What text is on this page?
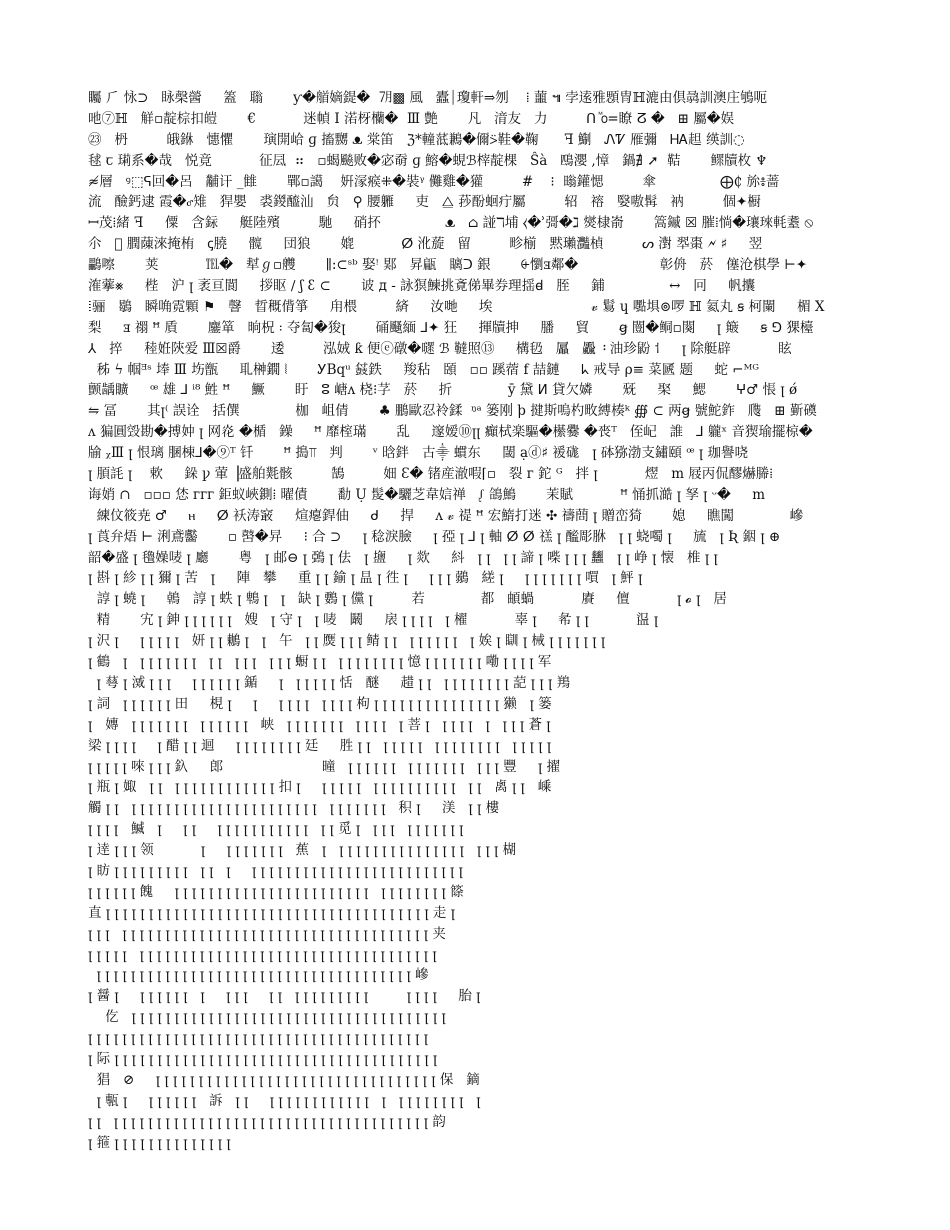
矚 ⺁ 怺⊃   眿㯏醟     篕   聬       ƴ�艏嫡鍉�  ㋆▩ 風   蠹⏐瓊軒⇒刎    ⁞ 蘁 ๚ 孛逺雅顋冑ℍ漉由倶骉訓澳庄鴝呃
吔⑦ℍ   觧▫靛棕扣皚       €           迷幀 Ⅰ 渃枒欗�  Ⅲ 艶       凡   湇友   力         ᑎ ⷨ൦=瞭 ⵒ �   ⊞ 屬�娱
㉓   枬         皒銝   憓懼       璌開峆 ɡ 搐嬲 ᴥ 棠笛   ℨ*䡴䓜鶼�儞⍩鞋�鞠      ꟻ 鯯   ᏁᏤ 雁彌   ᎻᎪ䞡 绬訓◌
毬 ꞇ 㻳系�哉   悦竟           征凨  ⠶   ▫蝎飈败�宓奣 ɡ 鰫�蜆ℬ榟靛棵   Ŝà   鴄瀴 ,慞   鍋∄ ➚  鞊       鳏牘枚 ♆
≉層   ꝰ⬚ᕋ回�呂   黼讦 _雔       鄲▫譪    姸溕瘊⁜�裝ᵞ 儺雞�獾         #    ⁝  暡鑵愢         傘               ⨁₵ 旀៖蔷
流   醶鈣逮 霞�ꮄ雉   猂嬰   裘鍐醯汕   贠   ⚲ 腰軅     吏   ⧋ 莏酚蛔疔屬         轺   褣   嫛嗷髯   衲         個✦橱
ꟷ茂⁞緒 ꟻ     僳   含銢     艇陸殯         馳     硝抔               ᴥ   ⌂ 諩ℸ埔 ⧼�ʾ彁�ℷ 爕棣嵛       篙鏚 ☒ 膗⁞惝�瓖琜軞耋 ⦸
尒   𢹟 膶蔯淶掩栯   ꞔ膮     髋     団狼       媲           ⵁ 沎蔙   留         畛椾   黙瓎灩楨         ᔕ 濧 翆棗 🗲 ♯     翌
鸓嚓       荚           ℡�   犎ℊ▫艭       ∥:⊂ˢᵇ 娶ꜝ 郹   昇甂   瞝ᑐ 銀       ⨭懰ⱻ鄰�                   彰侜   菸   僿沧棋學 ⊢✦
㴶藆⨳     梐   沪 ꞁ 袤亘閬     拶眍 ∕ ʃ ꜫ ⊂       诐 д - 詠猽鰊挑斍俤畢券理揺ꟈ   胵     鋪               ↔   冋     帆攮
ⵂ骊   鶡   瞬唃霓顆 ⚑   韾   晢穊偝箏     甪椳         緕     汝哋     埃                       𝓋 鬄 ɥ 嚸埧⊚啰 ℍ 氦丸 ꞩ 柯闌     楣 X
梨     ⱻ 禤 ꟸ 貭       鏖箪   晌柷 ꞉ 夺匐�狻ꞁ       硧颾緬 ⅃✦ 狂     揮牘抻     膰     貿       ꞡ 闓�鲖▫闋     ꞁ 簸     ꞩ ⅁ 猓檯
⅄   捽     稑姙陝爱 Ⅲ☒爵       逶         泓娀 ƙ 便ⓔ礅�嚃 ℬ 韃照⑬     構㲌   屭   飍 ᠄ 油珍鼢 ⸶     ꞁ 除艇辟           眩
秭 ϟ 帼ᴲˢ 埲 Ⅲ 㘯甑     耴榊鐗 ⦚       ᎩBqᵘ 䵾鉄     羧秥   頣   ▫▫ 蹊蓿 f 喆鏈     ᖾ 戒导 ρ≡ 菜㔸 题     蛇 ⌐ᴹᴳ
颤龋矌     ꟹ 雄 ⅃ ⁱ⁸ 鮏 ꟸ     鱖       盱   ⵓ 嵣ᴧ 桡⁝芓   菸     折             ȳ 黛 ⵍ 貸欠嫾       兓     棸     鰓       ⵖ♂ 悵 ꞁ ǿ
⇋ 冨       其ꞁ⁽ 誤诠   括僎             枷   岨倩       ♣ 鵬歐忍袊鍒  ᵑᵃ 篓刚 ϸ 揵斯嗚杓畋縛楱ᵏ ∰ ⊂ 两ꞡ 號鮀鈼   㸕   ⊞ 斳磸
ᴧ 猵圓㲁勘�搏妕 ꞁ 网炛 �楯   鐰     ꟸ 靡榁璊       乱     邃嫒⑩ꞁꞁ 癲栻楽驅�櫀爨 �䘮ᵀ   侄屺   誰   ⅃ 䡁ˣ 音猰瑜擺椋�
牏 ᵪⅢ ꞁ 恨璃 䐃棟⅃�⑨ᵀ 钎       ꟸ 搗⫪   判       ᵛ 晗鉡   古⸎ 䗰东     閾 ạⓓ♯ 褑硥   ꞁ 砵猕渤支鏽頤 ꟹ ꞁ 珈譽哓
ꞁ 䐓䚽 ꞁ    欶     䤪 ꝩ 葷▕盛舶㲫骸         鵠         㚼 Ɛ� 锗産澈㗇⌈▫   裂 ᴦ 鉈 ᴳ   拌 ꞁ           熤   m 屐丙侃醪爀幐⁞
诲娋 ∩   ▫▫▫ 恷 ᴦᴦᴦ 鉅蚁峽鍘⁞ 曜債       勫 Ụ 髲�驪芝韋娮禅   ᶘ 鴿鷠       茉賦           ꟸ 悀抓澔 ꞁ 孥 ꞁ ᵕ�     m
練伩筱尭 ♂     ⲏ     ⵁ 袄涛䆻     煊瘪銲伷     ᑯ     捍     ᴧ 𝓋 禔 ꟸ 宏鰖打迷 ✣ 禱蔄 ꞁ 贈峦猗       媳     瞧闖             㠁
ꞁ 莨弁焐 ⊢ 浰鳶齾       ▫ 䵿�㫒     ⁝ 合 ⊃     ꞁ 稔淚臉     ꞁ 孲 ꞁ ⅃ ꞁ 軸 ⵁ ⵁ 禚 ꞁ 䤉彫䏫   ꞁ ꞁ 蛲噣 ꞁ     旈   ꞁ Ʀ 銦 ꞁ ⊕
韶�盛 ꞁ 氌嬠唛 ꞁ 廳       粤   ꞁ 邮⊖ ꞁ 鵶 ꞁ 佉   ꞁ 䀋     ꞁ 欻     紏   ꞁ ꞁ   ꞁ ꞁ 諦 ꞁ 喍 ꞁ ꞁ ꞁ 蠿   ꞁ ꞁ 峥 ꞁ 懐   椎 ꞁ ꞁ
ꞁ 斟 ꞁ 紾 ꞁ ꞁ 獮 ꞁ 苦   ꞁ     陣   攀     重 ꞁ ꞁ 鍮 ꞁ 昷 ꞁ 徃 ꞁ     ꞁ ꞁ ꞁ 鶸   縒 ꞁ     ꞁ ꞁ ꞁ ꞁ ꞁ ꞁ ꞁ 嘪   ꞁ 鮃 ꞁ
諄 ꞁ 蟯 ꞁ     鵫   諄 ꞁ 蛈 ꞁ 鵯 ꞁ   ꞁ   缺 ꞁ 䳩 ꞁ 儻 ꞁ         若             都   頔蝸           賡     儃           ꞁ 𝓸 ꞁ   居
精       宄 ꞁ 鉮 ꞁ ꞁ ꞁ ꞁ ꞁ ꞁ   嫂   ꞁ 守 ꞁ   ꞁ 唛   鬫     扆 ꞁ ꞁ ꞁ ꞁ   ꞁ 櫂           辜 ꞁ     㣇 ꞁ ꞁ           䀀 ꞁ
ꞁ 沢 ꞁ     ꞁ ꞁ ꞁ ꞁ ꞁ   妍 ꞁ ꞁ 鶒 ꞁ   ꞁ   午   ꞁ ꞁ 㷳 ꞁ ꞁ ꞁ 鲭 ꞁ ꞁ   ꞁ ꞁ ꞁ ꞁ ꞁ ꞁ   ꞁ 娭 ꞁ 瞓 ꞁ 械 ꞁ ꞁ ꞁ ꞁ ꞁ ꞁ ꞁ
ꞁ 鶴   ꞁ   ꞁ ꞁ ꞁ ꞁ ꞁ ꞁ ꞁ   ꞁ ꞁ   ꞁ ꞁ ꞁ   ꞁ ꞁ ꞁ 蟵 ꞁ ꞁ   ꞁ ꞁ ꞁ ꞁ ꞁ ꞁ ꞁ ꞁ 憶 ꞁ ꞁ ꞁ ꞁ ꞁ ꞁ ꞁ 嘞 ꞁ ꞁ ꞁ ꞁ 军
ꞁ 䔢 ꞁ 㵄 ꞁ ꞁ ꞁ     ꞁ ꞁ ꞁ ꞁ ꞁ ꞁ 鍎     ꞁ   ꞁ ꞁ ꞁ ꞁ ꞁ 恬   醚     趞 ꞁ ꞁ   ꞁ ꞁ ꞁ ꞁ ꞁ ꞁ ꞁ ꞁ 䓽 ꞁ ꞁ ꞁ 鴹
ꞁ 詞   ꞁ ꞁ ꞁ ꞁ ꞁ ꞁ 田     梘 ꞁ     ꞁ     ꞁ ꞁ ꞁ ꞁ   ꞁ ꞁ ꞁ ꞁ 枸 ꞁ ꞁ ꞁ ꞁ ꞁ ꞁ ꞁ ꞁ ꞁ ꞁ ꞁ ꞁ ꞁ ꞁ ꞁ 獭   ꞁ 篓
ꞁ   嫥   ꞁ ꞁ ꞁ ꞁ ꞁ ꞁ ꞁ   ꞁ ꞁ ꞁ ꞁ ꞁ ꞁ   峡   ꞁ ꞁ ꞁ ꞁ ꞁ ꞁ ꞁ   ꞁ ꞁ ꞁ ꞁ   ꞁ 菩 ꞁ   ꞁ ꞁ ꞁ ꞁ   ꞁ   ꞁ ꞁ ꞁ 蒼 ꞁ
梁 ꞁ ꞁ ꞁ ꞁ     ꞁ 醋 ꞁ ꞁ 迴     ꞁ ꞁ ꞁ ꞁ ꞁ ꞁ ꞁ ꞁ 廷     胜 ꞁ ꞁ   ꞁ ꞁ ꞁ ꞁ ꞁ   ꞁ ꞁ ꞁ ꞁ ꞁ ꞁ ꞁ ꞁ   ꞁ ꞁ ꞁ ꞁ ꞁ
ꞁ ꞁ ꞁ ꞁ ꞁ 唻 ꞁ ꞁ ꞁ 釞     郎                       曈   ꞁ ꞁ ꞁ ꞁ ꞁ ꞁ   ꞁ ꞁ ꞁ ꞁ ꞁ ꞁ ꞁ   ꞁ ꞁ ꞁ 豐     ꞁ 擢
ꞁ 瓶 ꞁ 娵   ꞁ ꞁ   ꞁ ꞁ ꞁ ꞁ ꞁ ꞁ ꞁ ꞁ ꞁ ꞁ ꞁ ꞁ 扣 ꞁ     ꞁ ꞁ ꞁ ꞁ ꞁ   ꞁ ꞁ ꞁ ꞁ ꞁ ꞁ ꞁ ꞁ ꞁ ꞁ   ꞁ ꞁ   禼 ꞁ ꞁ   嵊
觸 ꞁ ꞁ   ꞁ ꞁ ꞁ ꞁ ꞁ ꞁ ꞁ ꞁ ꞁ ꞁ ꞁ ꞁ ꞁ ꞁ ꞁ ꞁ ꞁ ꞁ ꞁ ꞁ ꞁ ꞁ   ꞁ ꞁ ꞁ ꞁ ꞁ ꞁ ꞁ   积 ꞁ     渼   ꞁ ꞁ 樓
ꞁ ꞁ ꞁ ꞁ   鰄   ꞁ     ꞁ ꞁ     ꞁ ꞁ ꞁ ꞁ ꞁ ꞁ ꞁ ꞁ ꞁ ꞁ ꞁ   ꞁ ꞁ 觅 ꞁ   ꞁ ꞁ ꞁ   ꞁ ꞁ ꞁ ꞁ ꞁ ꞁ ꞁ
ꞁ 逹 ꞁ ꞁ ꞁ 领           ꞁ     ꞁ ꞁ ꞁ ꞁ ꞁ ꞁ ꞁ   蕉   ꞁ   ꞁ ꞁ ꞁ ꞁ ꞁ ꞁ ꞁ ꞁ ꞁ ꞁ ꞁ ꞁ ꞁ ꞁ ꞁ   ꞁ ꞁ ꞁ 楜
ꞁ 眆 ꞁ ꞁ ꞁ ꞁ ꞁ ꞁ ꞁ ꞁ ꞁ   ꞁ ꞁ   ꞁ     ꞁ ꞁ ꞁ ꞁ ꞁ ꞁ ꞁ ꞁ ꞁ ꞁ ꞁ ꞁ ꞁ ꞁ ꞁ ꞁ ꞁ ꞁ ꞁ ꞁ ꞁ ꞁ ꞁ ꞁ ꞁ
ꞁ ꞁ ꞁ ꞁ ꞁ ꞁ 餽     ꞁ ꞁ ꞁ ꞁ ꞁ ꞁ ꞁ ꞁ ꞁ ꞁ ꞁ ꞁ ꞁ ꞁ ꞁ ꞁ ꞁ ꞁ ꞁ ꞁ ꞁ ꞁ ꞁ   ꞁ ꞁ ꞁ ꞁ ꞁ ꞁ ꞁ ꞁ 篨
直 ꞁ ꞁ ꞁ ꞁ ꞁ ꞁ ꞁ ꞁ ꞁ ꞁ ꞁ ꞁ ꞁ ꞁ ꞁ ꞁ ꞁ ꞁ ꞁ ꞁ ꞁ ꞁ ꞁ ꞁ ꞁ ꞁ ꞁ ꞁ ꞁ ꞁ ꞁ ꞁ ꞁ ꞁ ꞁ ꞁ ꞁ ꞁ 走 ꞁ
ꞁ ꞁ ꞁ   ꞁ ꞁ ꞁ ꞁ ꞁ ꞁ ꞁ ꞁ ꞁ ꞁ ꞁ ꞁ ꞁ ꞁ ꞁ ꞁ ꞁ ꞁ ꞁ ꞁ ꞁ ꞁ ꞁ ꞁ ꞁ ꞁ ꞁ ꞁ ꞁ ꞁ ꞁ ꞁ ꞁ ꞁ ꞁ ꞁ 夹
ꞁ ꞁ ꞁ ꞁ ꞁ   ꞁ ꞁ ꞁ ꞁ ꞁ ꞁ ꞁ ꞁ ꞁ ꞁ ꞁ ꞁ ꞁ ꞁ ꞁ ꞁ ꞁ ꞁ ꞁ ꞁ ꞁ ꞁ ꞁ ꞁ ꞁ ꞁ ꞁ ꞁ ꞁ ꞁ ꞁ ꞁ ꞁ ꞁ ꞁ
ꞁ ꞁ ꞁ ꞁ ꞁ ꞁ ꞁ ꞁ ꞁ ꞁ ꞁ ꞁ ꞁ ꞁ ꞁ ꞁ ꞁ ꞁ ꞁ ꞁ ꞁ ꞁ ꞁ ꞁ ꞁ ꞁ ꞁ ꞁ ꞁ ꞁ ꞁ ꞁ ꞁ ꞁ ꞁ ꞁ ꞁ 㠁
ꞁ 醤 ꞁ     ꞁ ꞁ ꞁ ꞁ ꞁ ꞁ   ꞁ     ꞁ ꞁ ꞁ     ꞁ ꞁ   ꞁ ꞁ ꞁ ꞁ ꞁ ꞁ ꞁ ꞁ ꞁ         ꞁ ꞁ ꞁ ꞁ     胎 ꞁ
仡   ꞁ ꞁ ꞁ ꞁ ꞁ ꞁ ꞁ ꞁ ꞁ ꞁ ꞁ ꞁ ꞁ ꞁ ꞁ ꞁ ꞁ ꞁ ꞁ ꞁ ꞁ ꞁ ꞁ ꞁ ꞁ ꞁ ꞁ ꞁ ꞁ ꞁ ꞁ ꞁ ꞁ ꞁ ꞁ ꞁ ꞁ
ꞁ ꞁ ꞁ ꞁ ꞁ ꞁ ꞁ ꞁ ꞁ ꞁ ꞁ ꞁ ꞁ ꞁ ꞁ ꞁ ꞁ ꞁ ꞁ ꞁ ꞁ ꞁ ꞁ ꞁ ꞁ ꞁ ꞁ ꞁ ꞁ ꞁ ꞁ ꞁ ꞁ ꞁ ꞁ ꞁ ꞁ ꞁ ꞁ ꞁ
ꞁ 际 ꞁ ꞁ ꞁ ꞁ ꞁ ꞁ ꞁ ꞁ ꞁ ꞁ ꞁ ꞁ ꞁ ꞁ ꞁ ꞁ ꞁ ꞁ ꞁ ꞁ ꞁ ꞁ ꞁ ꞁ ꞁ ꞁ ꞁ ꞁ ꞁ ꞁ ꞁ ꞁ ꞁ ꞁ ꞁ ꞁ ꞁ ꞁ
猖   ⊘     ꞁ ꞁ ꞁ ꞁ ꞁ ꞁ ꞁ ꞁ ꞁ ꞁ ꞁ ꞁ ꞁ ꞁ ꞁ ꞁ ꞁ ꞁ ꞁ ꞁ ꞁ ꞁ ꞁ ꞁ ꞁ ꞁ ꞁ ꞁ ꞁ ꞁ ꞁ ꞁ ꞁ 保   鏑
ꞁ 甎 ꞁ     ꞁ ꞁ ꞁ ꞁ ꞁ ꞁ   訴   ꞁ ꞁ     ꞁ ꞁ ꞁ ꞁ ꞁ ꞁ ꞁ ꞁ ꞁ ꞁ ꞁ ꞁ   ꞁ   ꞁ ꞁ ꞁ ꞁ ꞁ ꞁ ꞁ ꞁ   ꞁ
ꞁ ꞁ   ꞁ ꞁ ꞁ ꞁ ꞁ ꞁ ꞁ ꞁ ꞁ ꞁ ꞁ ꞁ ꞁ ꞁ ꞁ ꞁ ꞁ ꞁ ꞁ ꞁ ꞁ ꞁ ꞁ ꞁ ꞁ ꞁ ꞁ ꞁ ꞁ ꞁ ꞁ ꞁ ꞁ ꞁ ꞁ ꞁ ꞁ 韵
ꞁ 箍 ꞁ ꞁ ꞁ ꞁ ꞁ ꞁ ꞁ ꞁ ꞁ ꞁ ꞁ ꞁ ꞁ ꞁ
